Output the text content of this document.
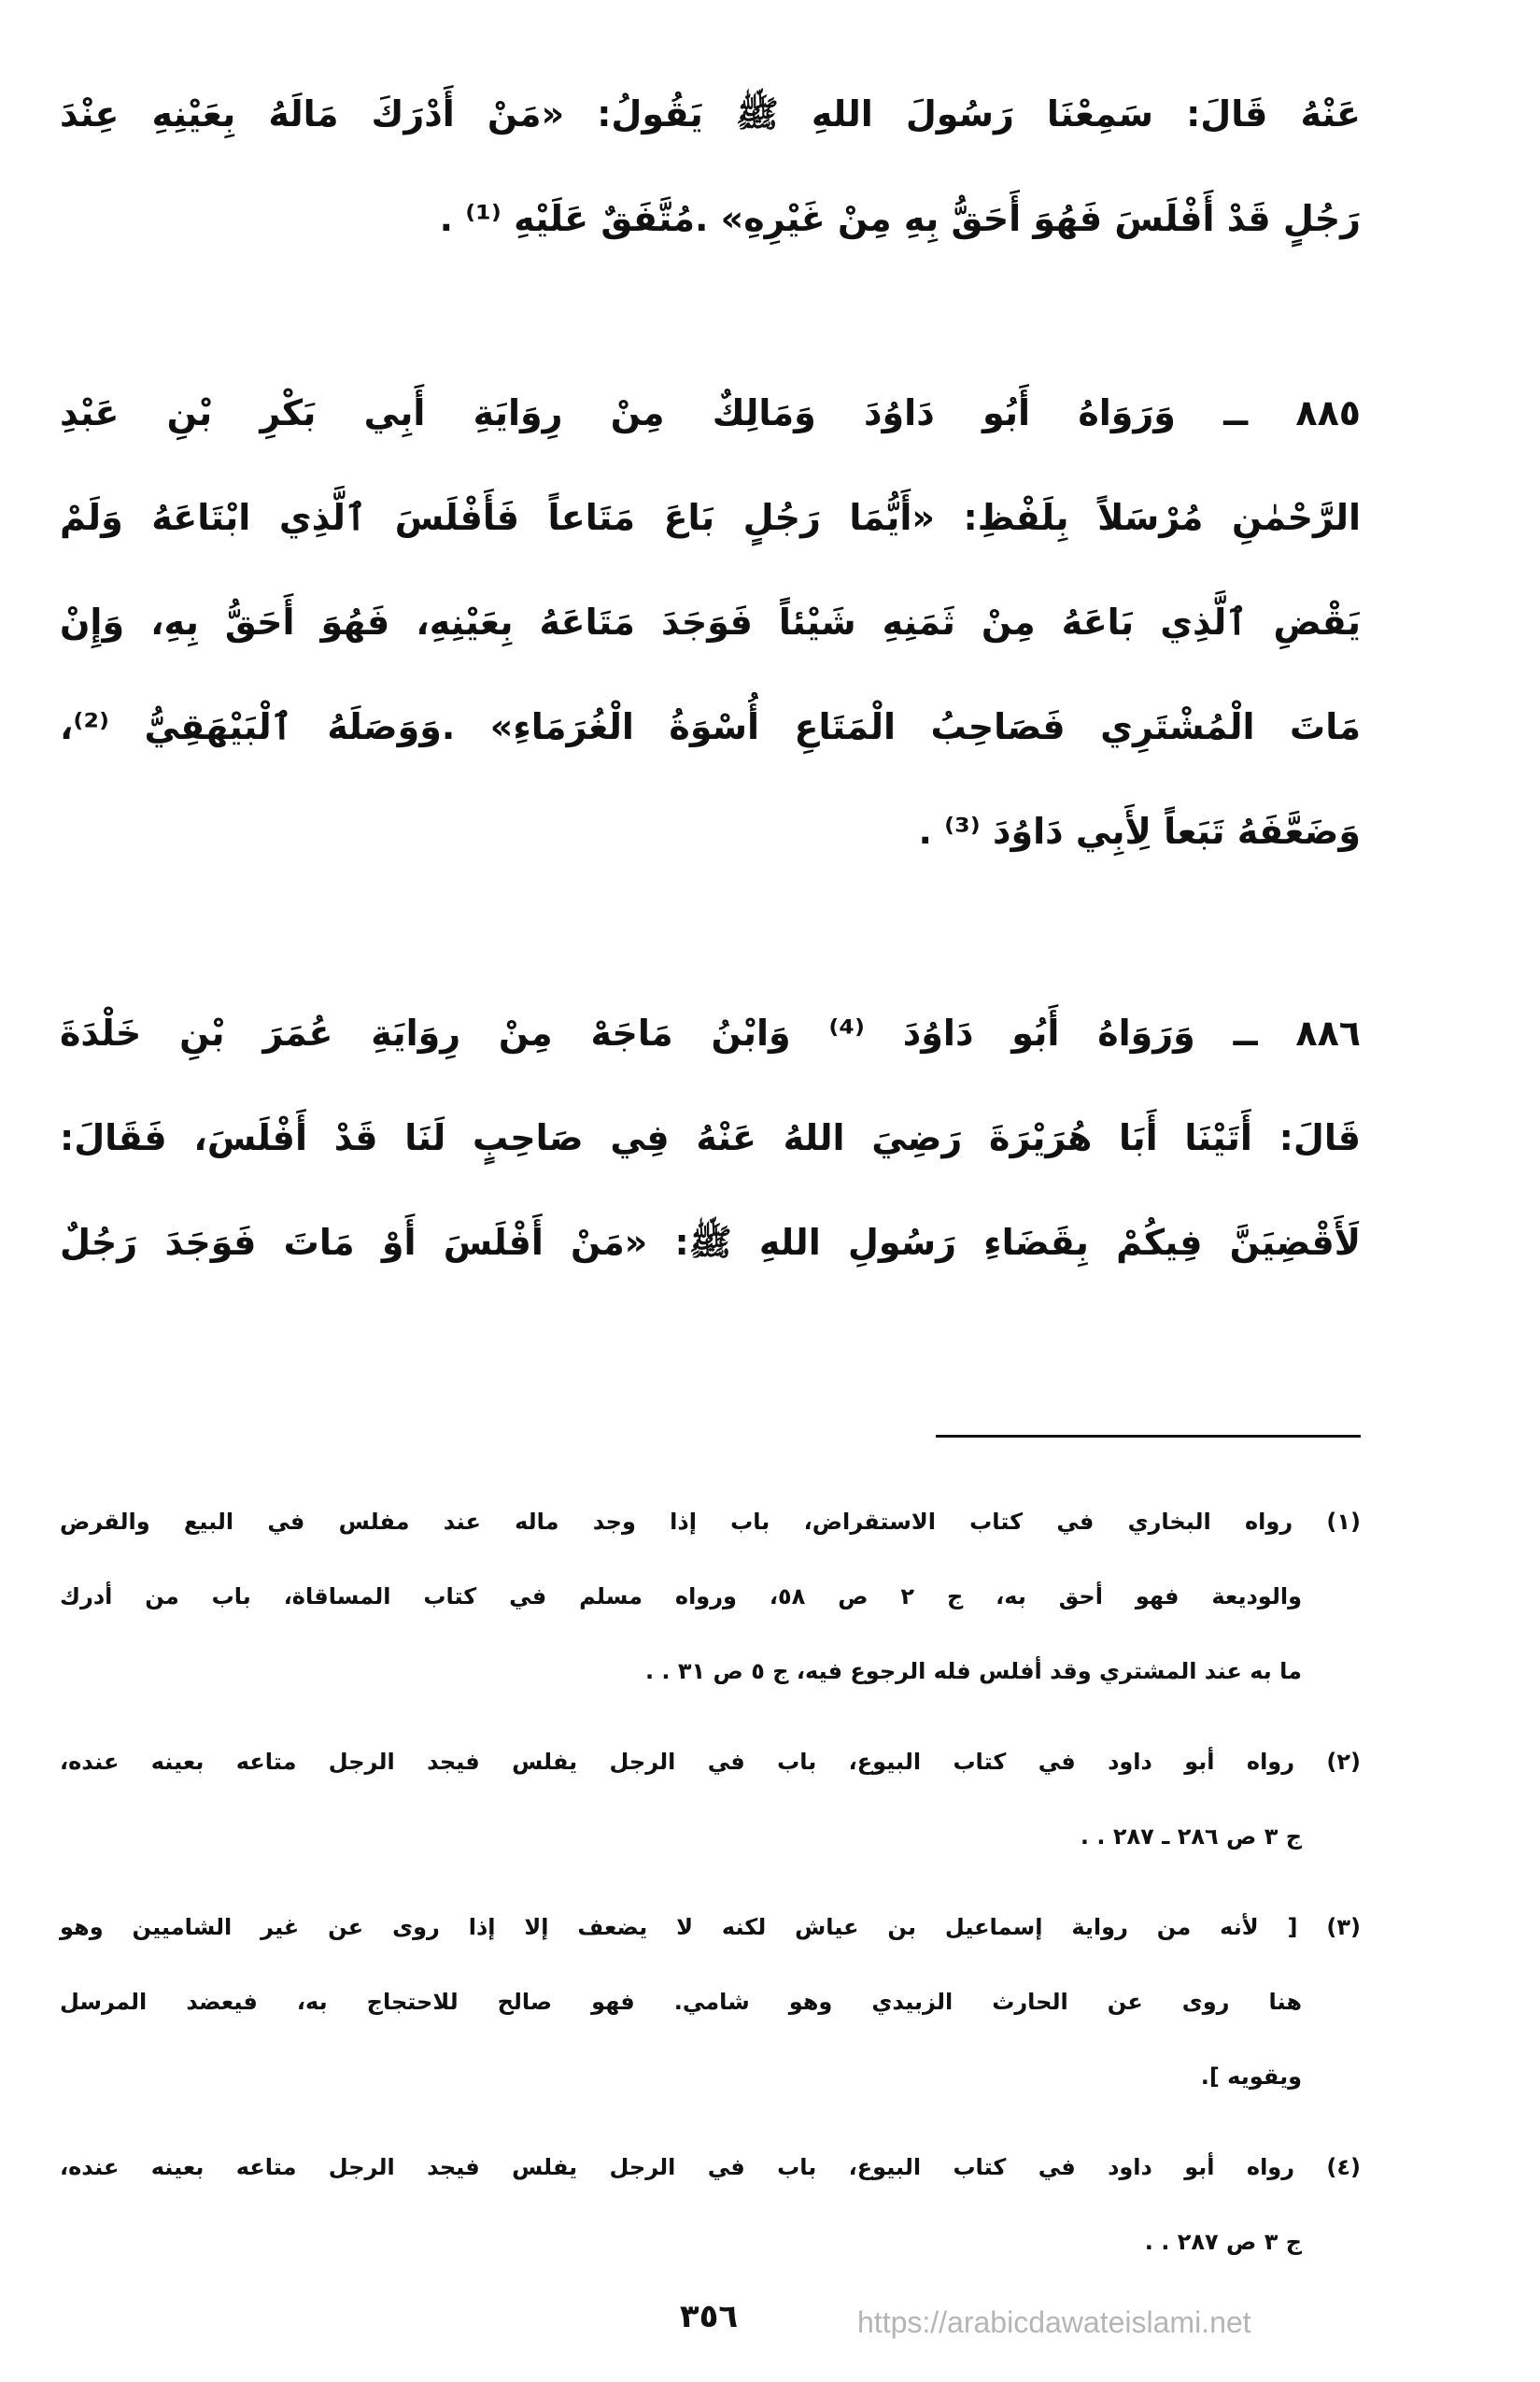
عَنْهُ قَالَ: سَمِعْنَا رَسُولَ اللهِ ﷺ يَقُولُ: «مَنْ أَدْرَكَ مَالَهُ بِعَيْنِهِ عِنْدَ
رَجُلٍ قَدْ أَفْلَسَ فَهُوَ أَحَقُّ بِهِ مِنْ غَيْرِهِ» .مُتَّفَقٌ عَلَيْهِ ⁽¹⁾ .
٨٨٥ ــ وَرَوَاهُ أَبُو دَاوُدَ وَمَالِكٌ مِنْ رِوَايَةِ أَبِي بَكْرِ بْنِ عَبْدِ
الرَّحْمٰنِ مُرْسَلاً بِلَفْظِ: «أَيُّمَا رَجُلٍ بَاعَ مَتَاعاً فَأَفْلَسَ ٱلَّذِي ابْتَاعَهُ وَلَمْ
يَقْضِ ٱلَّذِي بَاعَهُ مِنْ ثَمَنِهِ شَيْئاً فَوَجَدَ مَتَاعَهُ بِعَيْنِهِ، فَهُوَ أَحَقُّ بِهِ، وَإِنْ
مَاتَ الْمُشْتَرِي فَصَاحِبُ الْمَتَاعِ أُسْوَةُ الْغُرَمَاءِ» .وَوَصَلَهُ ٱلْبَيْهَقِيُّ ⁽²⁾،
وَضَعَّفَهُ تَبَعاً لِأَبِي دَاوُدَ ⁽³⁾ .
٨٨٦ ــ وَرَوَاهُ أَبُو دَاوُدَ ⁽⁴⁾ وَابْنُ مَاجَهْ مِنْ رِوَايَةِ عُمَرَ بْنِ خَلْدَةَ
قَالَ: أَتَيْنَا أَبَا هُرَيْرَةَ رَضِيَ اللهُ عَنْهُ فِي صَاحِبٍ لَنَا قَدْ أَفْلَسَ، فَقَالَ:
لَأَقْضِيَنَّ فِيكُمْ بِقَضَاءِ رَسُولِ اللهِ ﷺ: «مَنْ أَفْلَسَ أَوْ مَاتَ فَوَجَدَ رَجُلٌ
(١) رواه البخاري في كتاب الاستقراض، باب إذا وجد ماله عند مفلس في البيع والقرض
والوديعة فهو أحق به، ج ٢ ص ٥٨، ورواه مسلم في كتاب المساقاة، باب من أدرك
ما به عند المشتري وقد أفلس فله الرجوع فيه، ج ٥ ص ٣١ . .
(٢) رواه أبو داود في كتاب البيوع، باب في الرجل يفلس فيجد الرجل متاعه بعينه عنده،
ج ٣ ص ٢٨٦ ـ ٢٨٧ . .
(٣) [ لأنه من رواية إسماعيل بن عياش لكنه لا يضعف إلا إذا روى عن غير الشاميين وهو
هنا روى عن الحارث الزبيدي وهو شامي. فهو صالح للاحتجاج به، فيعضد المرسل
ويقويه ].
(٤) رواه أبو داود في كتاب البيوع، باب في الرجل يفلس فيجد الرجل متاعه بعينه عنده،
ج ٣ ص ٢٨٧ . .
٣٥٦	https://arabicdawateislami.net
